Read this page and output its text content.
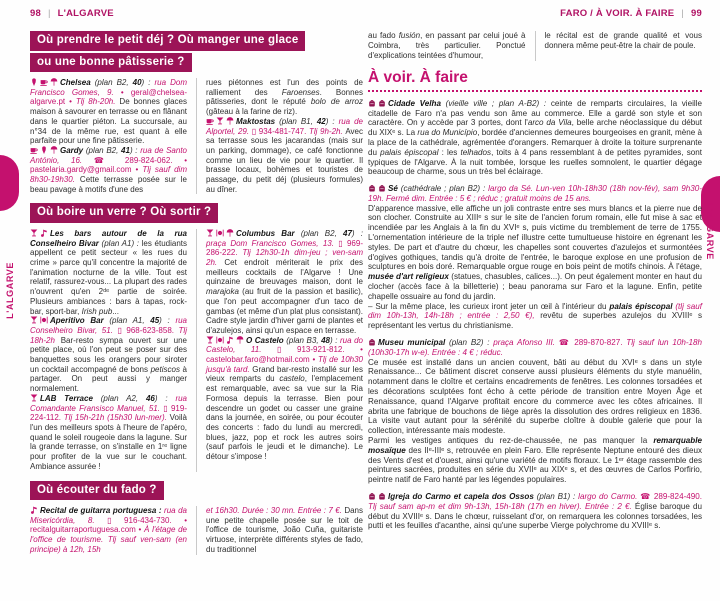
L'ALGARVE
L'ALGARVE
98 | L'ALGARVE
Où prendre le petit déj ? Où manger une glace
ou une bonne pâtisserie ?

Chelsea (plan B2, 40) : rua Dom Francisco Gomes, 9. • geral@chelsea-algarve.pt • Tlj 8h-20h. De bonnes glaces maison à savourer en terrasse ou en flânant dans le quartier piéton. La succursale, au n°34 de la même rue, est quant à elle parfaite pour une fine pâtisserie.

Gardy (plan B2, 41) : rua de Santo António, 16. ☎ 289-824-062. • pastelaria.gardy@gmail.com • Tlj sauf dim 8h30-19h30. Cette terrasse posée sur le beau pavage à motifs d'une des

rues piétonnes est l'un des points de ralliement des Faroenses. Bonnes pâtisseries, dont le réputé bolo de arroz (gâteau à la farine de riz).

Maktostas (plan B1, 42) : rua de Alportel, 29. ▯ 934-481-747. Tlj 9h-2h. Avec sa terrasse sous les jacarandas (mais sur un parking, dommage), ce café fonctionne comme un lieu de vie pour le quartier. Il brasse locaux, bohèmes et touristes de passage, du petit déj (plusieurs formules) au dîner.

Où boire un verre ? Où sortir ?

Les bars autour de la rua Conselheiro Bivar (plan A1) : les étudiants appellent ce petit secteur « les rues du crime » parce qu'il concentre la majorité de l'animation nocturne de la ville. Tout est relatif, rassurez-vous... La plupart des rades n'ouvrent qu'en 2ᵈᵉ partie de soirée. Plusieurs ambiances : bars à tapas, rock-bar, sport-bar, Irish pub...

Aperitivo Bar (plan A1, 45) : rua Conselheiro Bivar, 51. ▯ 968-623-858. Tlj 18h-2h Bar-resto sympa ouvert sur une petite place, où l'on peut se poser sur des banquettes sous les orangers pour siroter un cocktail accompagné de bons petiscos à partager. On peut aussi y manger normalement.

LAB Terrace (plan A2, 46) : rua Comandante Fransisco Manuel, 51. ▯ 919-224-112. Tlj 15h-21h (15h30 lun-mer). Voilà l'un des meilleurs spots à l'heure de l'apéro, quand le soleil rougeoie dans la lagune. Sur la grande terrasse, on s'installe en 1ʳᵉ ligne pour profiter de la vue sur le couchant. Ambiance assurée !

Columbus Bar (plan B2, 47) : praça Dom Francisco Gomes, 13. ▯ 969-286-222. Tlj 12h30-1h dim-jeu ; ven-sam 2h. Cet endroit mériterait le prix des meilleurs cocktails de l'Algarve ! Une quinzaine de breuvages maison, dont le marajoka (au fruit de la passion et basilic), que l'on peut accompagner d'un taco de gambas (et même d'un plat plus consistant). Cadre style jardin d'hiver garni de plantes et d'azulejos, ainsi qu'un espace en terrasse.

O Castelo (plan B3, 48) : rua do Castelo, 11. ▯ 913-921-812. • castelobar.faro@hotmail.com • Tlj de 10h30 jusqu'à tard. Grand bar-resto installé sur les vieux remparts du castelo, l'emplacement est remarquable, avec sa vue sur la Ria Formosa depuis la terrasse. Bien pour descendre un godet ou casser une graine dans la journée, en soirée, ou pour écouter des concerts : fado du lundi au mercredi, blues, jazz, pop et rock les autres soirs (sauf parfois le jeudi et le dimanche). Le détour s'impose !

Où écouter du fado ?

Recital de guitarra portuguesa : rua da Misericórdia, 8. ▯ 916-434-730. • recitalguitarraportuguesa.com • À l'étage de l'office de tourisme. Tlj sauf ven-sam (en principe) à 12h, 15h

et 16h30. Durée : 30 mn. Entrée : 7 €. Dans une petite chapelle posée sur le toit de l'office de tourisme, João Cuña, guitariste virtuose, interprète différents styles de fado, du traditionnel

FARO / À VOIR. À FAIRE | 99

au fado fusión, en passant par celui joué à Coimbra, très particulier. Ponctué d'explications teintées d'humour,

le récital est de grande qualité et vous donnera même peut-être la chair de poule.

À voir. À faire

Cidade Velha (vieille ville ; plan A-B2) : ceinte de remparts circulaires, la vieille citadelle de Faro n'a pas vendu son âme au commerce. Elle a gardé son style et son caractère. On y accède par 3 portes, dont l'arco da Vila, belle arche néoclassique du début du XIXᵉ s. La rua do Município, bordée d'anciennes demeures bourgeoises en granit, mène à la place de la cathédrale, agrémentée d'orangers. Remarquer à droite la toiture surprenante du palais épiscopal : les telhados, toits à 4 pans ressemblant à de petites pyramides, sont typiques de l'Algarve. À la nuit tombée, lorsque les ruelles somnolent, le quartier dégage beaucoup de charme, sous un très bel éclairage.

Sé (cathédrale ; plan B2) : largo da Sé. Lun-ven 10h-18h30 (18h nov-fév), sam 9h30-19h. Fermé dim. Entrée : 5 € ; réduc ; gratuit moins de 15 ans.

D'apparence massive, elle affiche un joli contraste entre ses murs blancs et la pierre nue de son clocher. Construite au XIIIᵉ s sur le site de l'ancien forum romain, elle fut mise à sac et incendiée par les Anglais à la fin du XVIᵉ s, puis victime du tremblement de terre de 1755. L'ornementation intérieure de la triple nef illustre cette tumultueuse histoire en égrenant les styles. De part et d'autre du chœur, les chapelles sont couvertes d'azulejos et surmontées d'ogives gothiques, tandis qu'à droite de l'entrée, le baroque explose en une profusion de sculptures en bois doré. Remarquable orgue rouge en bois peint de motifs chinois. À l'étage, musée d'art religieux (statues, chasubles, calices...). On peut également monter en haut du clocher (accès face à la billetterie) ; beau panorama sur Faro et la lagune. Enfin, petite chapelle ossuaire au fond du jardin.

– Sur la même place, les curieux iront jeter un œil à l'intérieur du palais épiscopal (tlj sauf dim 10h-13h, 14h-18h ; entrée : 2,50 €), revêtu de superbes azulejos du XVIIIᵉ s représentant les vertus du christianisme.

Museu municipal (plan B2) : praça Afonso III. ☎ 289-870-827. Tlj sauf lun 10h-18h (10h30-17h w-e). Entrée : 4 € ; réduc.

Ce musée est installé dans un ancien couvent, bâti au début du XVIᵉ s dans un style Renaissance... Ce bâtiment discret conserve aussi plusieurs éléments du style manuélin, notamment dans le cloître et certains encadrements de fenêtres. Les colonnes torsadées et les décorations sculptées font écho à cette période de transition entre Moyen Âge et Renaissance, quand l'Algarve profitait encore du commerce avec les côtes africaines. Il abrita une fabrique de bouchons de liège après la dissolution des ordres religieux en 1836. La visite vaut autant pour la sérénité du superbe cloître à double galerie que pour la collection, intéressante mais modeste.

Parmi les vestiges antiques du rez-de-chaussée, ne pas manquer la remarquable mosaïque des IIᵉ-IIIᵉ s, retrouvée en plein Faro. Elle représente Neptune entouré des dieux des Vents d'est et d'ouest, ainsi qu'une variété de motifs floraux. Le 1ᵉʳ étage rassemble des peintures sacrées, produites en série du XVIIᵉ au XIXᵉ s, et des œuvres de Carlos Porfirio, peintre natif de Faro hanté par les légendes populaires.

Igreja do Carmo et capela dos Ossos (plan B1) : largo do Carmo. ☎ 289-824-490. Tlj sauf sam ap-m et dim 9h-13h, 15h-18h (17h en hiver). Entrée : 2 €. Église baroque du début du XVIIIᵉ s. Dans le chœur, ruisselant d'or, on remarquera les colonnes torsadées, les putti et les feuilles d'acanthe, ainsi qu'une superbe Vierge polychrome du XVIIIᵉ s.
